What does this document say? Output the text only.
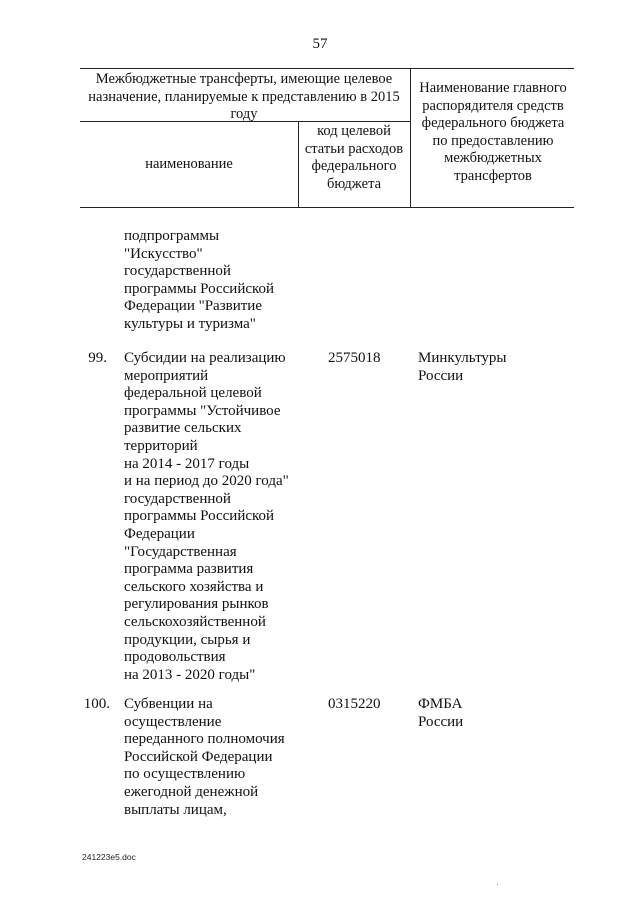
57
Межбюджетные трансферты, имеющие целевое назначение, планируемые к представлению в 2015 году
наименование
код целевой статьи расходов федерального бюджета
Наименование главного распорядителя средств федерального бюджета по предоставлению межбюджетных трансфертов
подпрограммы
"Искусство"
государственной
программы Российской
Федерации "Развитие
культуры и туризма"
99. Субсидии на реализацию
мероприятий
федеральной целевой
программы "Устойчивое
развитие сельских
территорий
на 2014 - 2017 годы
и на период до 2020 года"
государственной
программы Российской
Федерации
"Государственная
программа развития
сельского хозяйства и
регулирования рынков
сельскохозяйственной
продукции, сырья и
продовольствия
на 2013 - 2020 годы"
2575018	Минкультуры России
100. Субвенции на
осуществление
переданного полномочия
Российской Федерации
по осуществлению
ежегодной денежной
выплаты лицам,
0315220	ФМБА России
241223e5.doc
